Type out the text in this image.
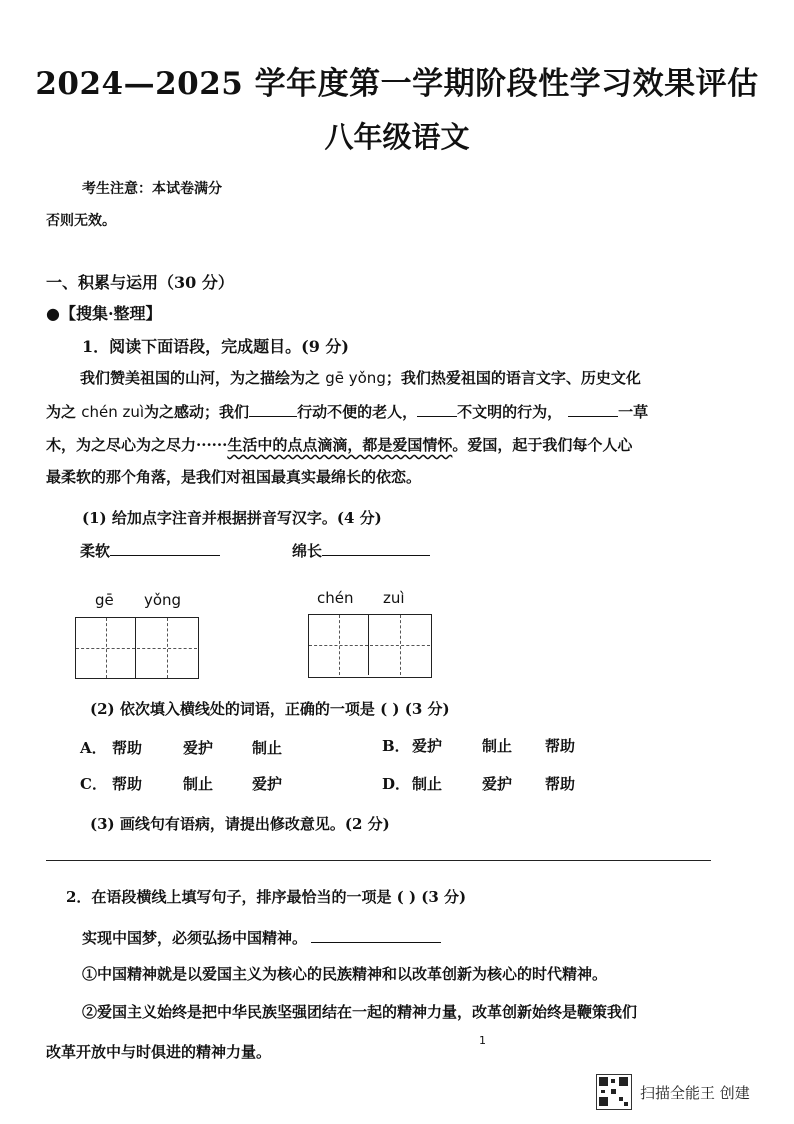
2024—2025 学年度第一学期阶段性学习效果评估
八年级语文
考生注意：本试卷满分
否则无效。
一、积累与运用（30 分）
●【搜集·整理】
1．阅读下面语段，完成题目。(9 分)
我们赞美祖国的山河，为之描绘为之 gē yǒng；我们热爱祖国的语言文字、历史文化
为之 chén zuì为之感动；我们	行动不便的老人，	不文明的行为，	一草
木，为之尽心为之尽力······生活中的点点滴滴，都是爱国情怀。爱国，起于我们每个人心
最柔软的那个角落，是我们对祖国最真实最绵长的依恋。
(1) 给加点字注音并根据拼音写汉字。(4 分)
柔软	绵长
gē yǒng	chén zuì
(2) 依次填入横线处的词语，正确的一项是 ( ) (3 分)
A． 帮助	爱护	制止	B． 爱护	制止 帮助
C． 帮助	制止	爱护	D． 制止	爱护 帮助
(3) 画线句有语病，请提出修改意见。(2 分)
2．在语段横线上填写句子，排序最恰当的一项是 ( ) (3 分)
实现中国梦，必须弘扬中国精神。
①中国精神就是以爱国主义为核心的民族精神和以改革创新为核心的时代精神。
②爱国主义始终是把中华民族坚强团结在一起的精神力量，改革创新始终是鞭策我们
改革开放中与时俱进的精神力量。
1
扫描全能王 创建
